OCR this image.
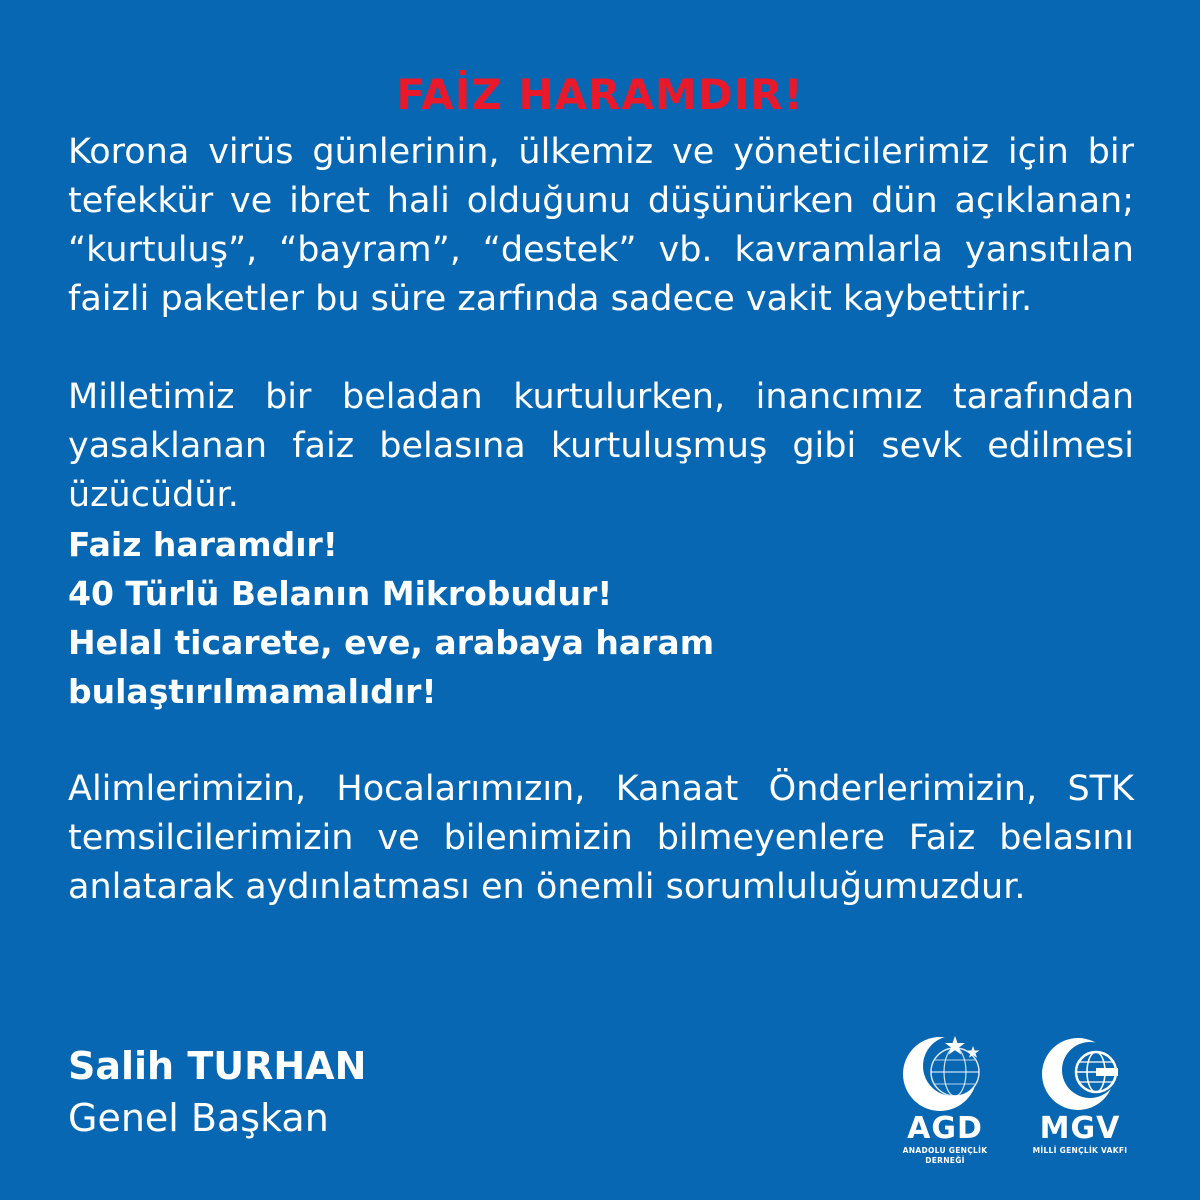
FAİZ HARAMDIR!

Korona virüs günlerinin, ülkemiz ve yöneticilerimiz için bir tefekkür ve ibret hali olduğunu düşünürken dün açıklanan; “kurtuluş”, “bayram”, “destek” vb. kavramlarla yansıtılan faizli paketler bu süre zarfında sadece vakit kaybettirir.

Milletimiz bir beladan kurtulurken, inancımız tarafından yasaklanan faiz belasına kurtuluşmuş gibi sevk edilmesi üzücüdür.

Faiz haramdır!
40 Türlü Belanın Mikrobudur!
Helal ticarete, eve, arabaya haram
bulaştırılmamalıdır!

Alimlerimizin, Hocalarımızın, Kanaat Önderlerimizin, STK temsilcilerimizin ve bilenimizin bilmeyenlere Faiz belasını anlatarak aydınlatması en önemli sorumluluğumuzdur.

Salih TURHAN
Genel Başkan	AGD
ANADOLU GENÇLİK DERNEĞİ
MGV
MİLLİ GENÇLİK VAKFI
